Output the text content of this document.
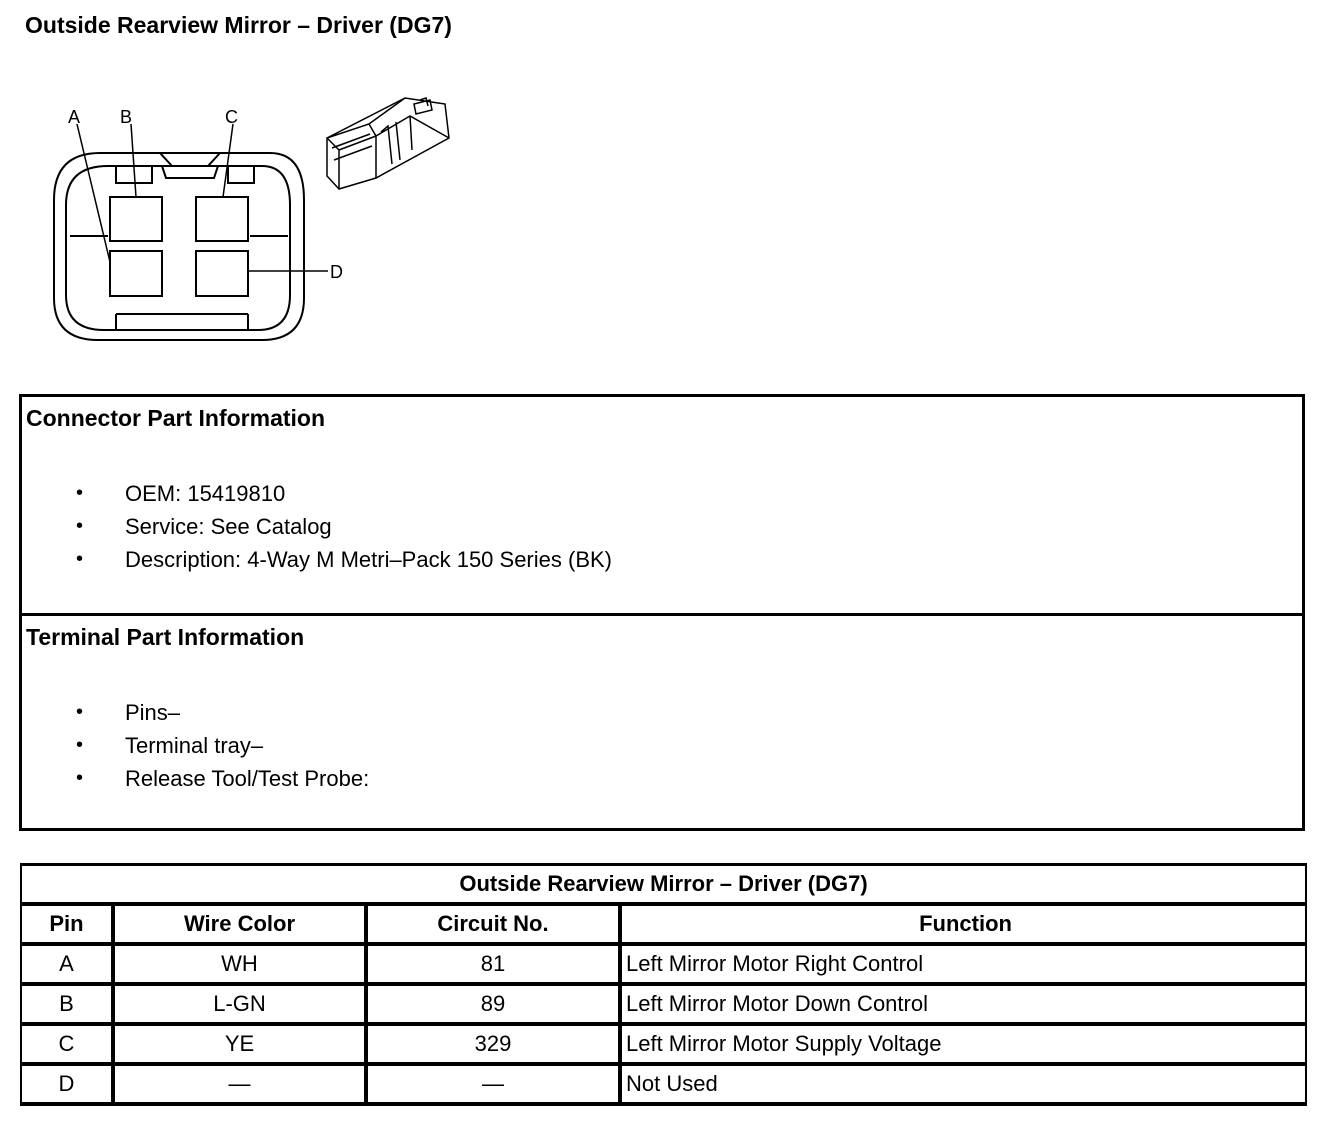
Outside Rearview Mirror – Driver (DG7)
A B	C
D
Connector Part Information
• OEM: 15419810
• Service: See Catalog
• Description: 4-Way M Metri–Pack 150 Series (BK)
Terminal Part Information
• Pins–
• Terminal tray–
• Release Tool/Test Probe:
Outside Rearview Mirror – Driver (DG7)			
Pin	Wire Color	Circuit No.	Function
A	WH	81	Left Mirror Motor Right Control
B	L-GN	89	Left Mirror Motor Down Control
C	YE	329	Left Mirror Motor Supply Voltage
D	—	—	Not Used
